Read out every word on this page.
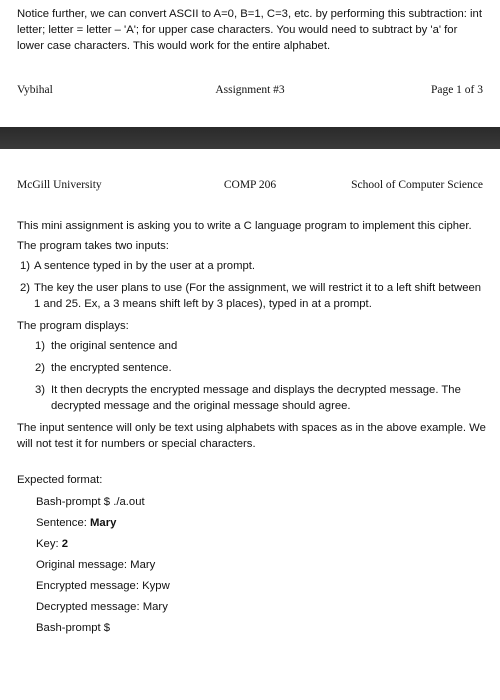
Notice further, we can convert ASCII to A=0, B=1, C=3, etc. by performing this subtraction: int letter; letter = letter – 'A'; for upper case characters. You would need to subtract by 'a' for lower case characters. This would work for the entire alphabet.
Vybihal	Assignment #3	Page 1 of 3
McGill University	COMP 206	School of Computer Science

This mini assignment is asking you to write a C language program to implement this cipher.

The program takes two inputs:

1) A sentence typed in by the user at a prompt.
2) The key the user plans to use (For the assignment, we will restrict it to a left shift between 1 and 25. Ex, a 3 means shift left by 3 places), typed in at a prompt.

The program displays:

1) the original sentence and
2) the encrypted sentence.
3) It then decrypts the encrypted message and displays the decrypted message. The decrypted message and the original message should agree.

The input sentence will only be text using alphabets with spaces as in the above example. We will not test it for numbers or special characters.

Expected format:

Bash-prompt $ ./a.out
Sentence: Mary
Key: 2
Original message: Mary
Encrypted message: Kypw
Decrypted message: Mary
Bash-prompt $
